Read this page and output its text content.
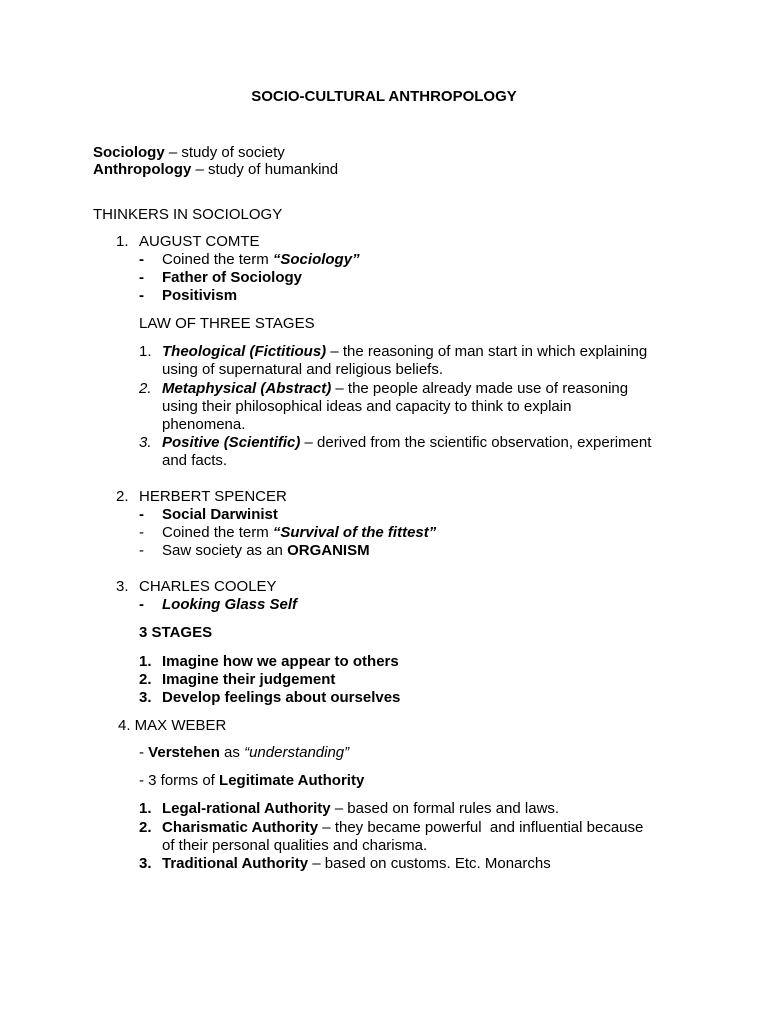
SOCIO-CULTURAL ANTHROPOLOGY
Sociology – study of society
Anthropology – study of humankind
THINKERS IN SOCIOLOGY
1. AUGUST COMTE
- Coined the term “Sociology”
- Father of Sociology
- Positivism
LAW OF THREE STAGES
1. Theological (Fictitious) – the reasoning of man start in which explaining
using of supernatural and religious beliefs.
2. Metaphysical (Abstract) – the people already made use of reasoning
using their philosophical ideas and capacity to think to explain
phenomena.
3. Positive (Scientific) – derived from the scientific observation, experiment
and facts.
2. HERBERT SPENCER
- Social Darwinist
- Coined the term “Survival of the fittest”
- Saw society as an ORGANISM
3. CHARLES COOLEY
- Looking Glass Self
3 STAGES
1. Imagine how we appear to others
2. Imagine their judgement
3. Develop feelings about ourselves
4. MAX WEBER
- Verstehen as “understanding”
- 3 forms of Legitimate Authority
1. Legal-rational Authority – based on formal rules and laws.
2. Charismatic Authority – they became powerful  and influential because
of their personal qualities and charisma.
3. Traditional Authority – based on customs. Etc. Monarchs
